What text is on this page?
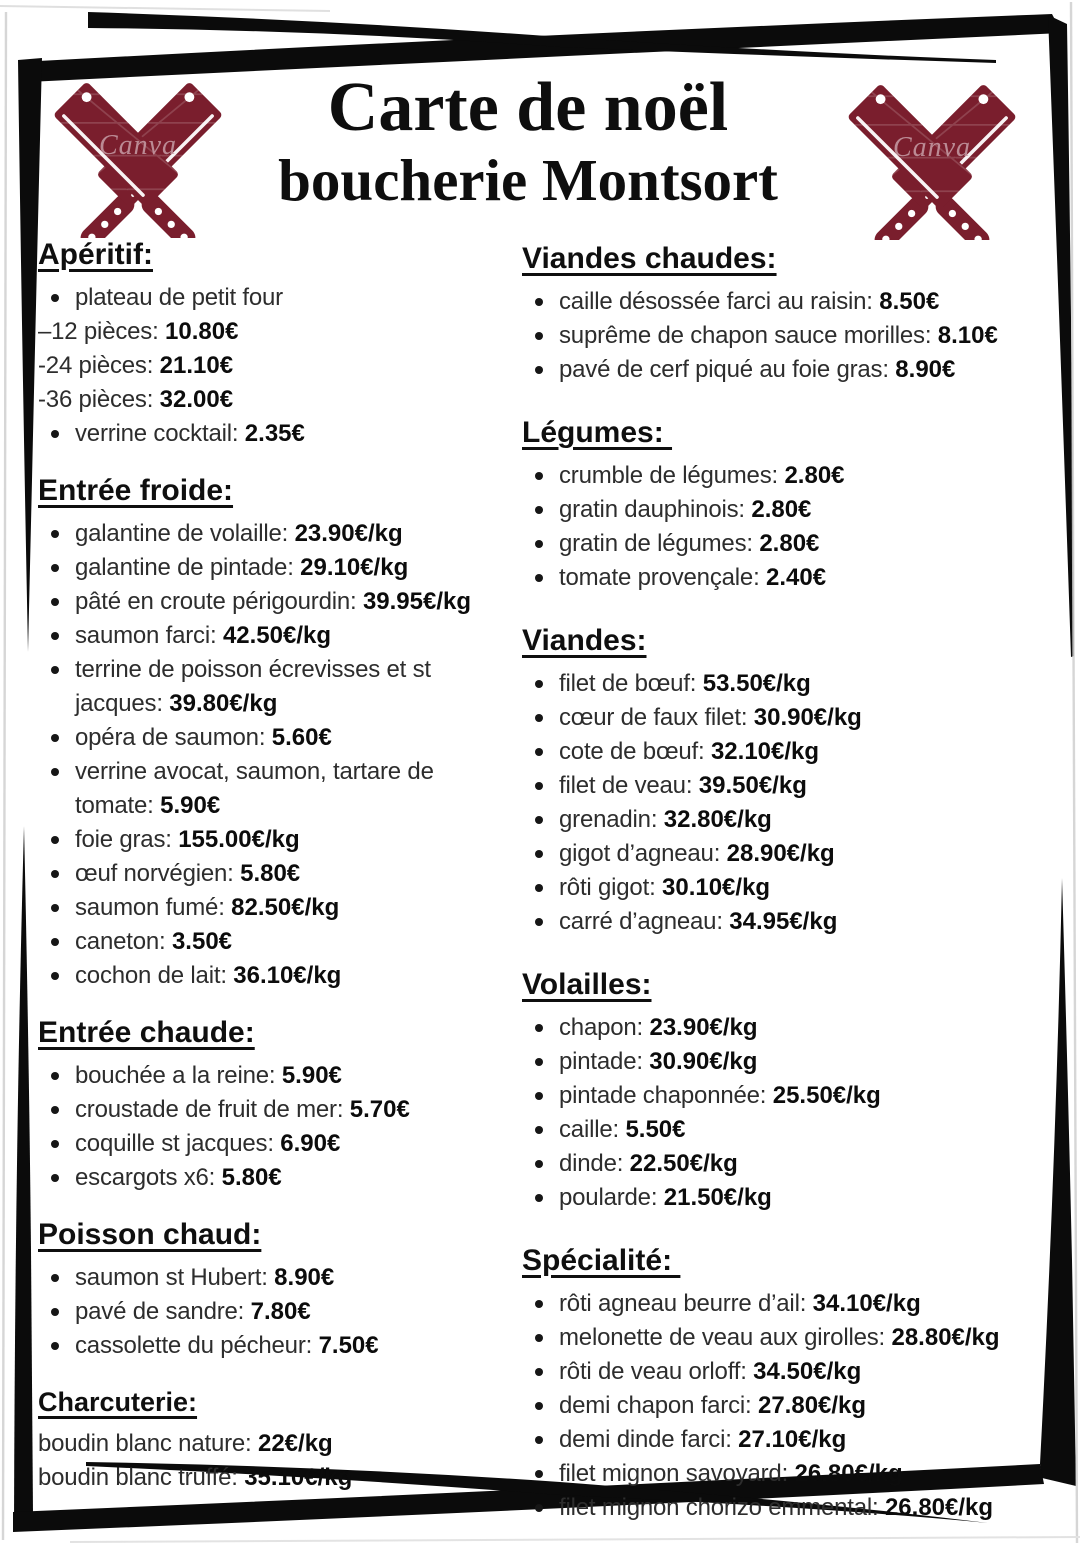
Canva	Canva
Carte de noël
boucherie Montsort
Apéritif:
plateau de petit four
–12 pièces: 10.80€
-24 pièces: 21.10€
-36 pièces: 32.00€
verrine cocktail: 2.35€
Entrée froide:
galantine de volaille: 23.90€/kg
galantine de pintade: 29.10€/kg
pâté en croute périgourdin: 39.95€/kg
saumon farci: 42.50€/kg
terrine de poisson écrevisses et st jacques: 39.80€/kg
opéra de saumon: 5.60€
verrine avocat, saumon, tartare de tomate: 5.90€
foie gras: 155.00€/kg
œuf norvégien: 5.80€
saumon fumé: 82.50€/kg
caneton: 3.50€
cochon de lait: 36.10€/kg
Entrée chaude:
bouchée a la reine: 5.90€
croustade de fruit de mer: 5.70€
coquille st jacques: 6.90€
escargots x6: 5.80€
Poisson chaud:
saumon st Hubert: 8.90€
pavé de sandre: 7.80€
cassolette du pécheur: 7.50€
Charcuterie:
boudin blanc nature: 22€/kg
boudin blanc truffé: 35.10€/kg
Viandes chaudes:
caille désossée farci au raisin: 8.50€
suprême de chapon sauce morilles: 8.10€
pavé de cerf piqué au foie gras: 8.90€
Légumes:
crumble de légumes: 2.80€
gratin dauphinois: 2.80€
gratin de légumes: 2.80€
tomate provençale: 2.40€
Viandes:
filet de bœuf: 53.50€/kg
cœur de faux filet: 30.90€/kg
cote de bœuf: 32.10€/kg
filet de veau: 39.50€/kg
grenadin: 32.80€/kg
gigot d’agneau: 28.90€/kg
rôti gigot: 30.10€/kg
carré d’agneau: 34.95€/kg
Volailles:
chapon: 23.90€/kg
pintade: 30.90€/kg
pintade chaponnée: 25.50€/kg
caille: 5.50€
dinde: 22.50€/kg
poularde: 21.50€/kg
Spécialité:
rôti agneau beurre d’ail: 34.10€/kg
melonette de veau aux girolles: 28.80€/kg
rôti de veau orloff: 34.50€/kg
demi chapon farci: 27.80€/kg
demi dinde farci: 27.10€/kg
filet mignon savoyard: 26.80€/kg
filet mignon chorizo emmental: 26.80€/kg
